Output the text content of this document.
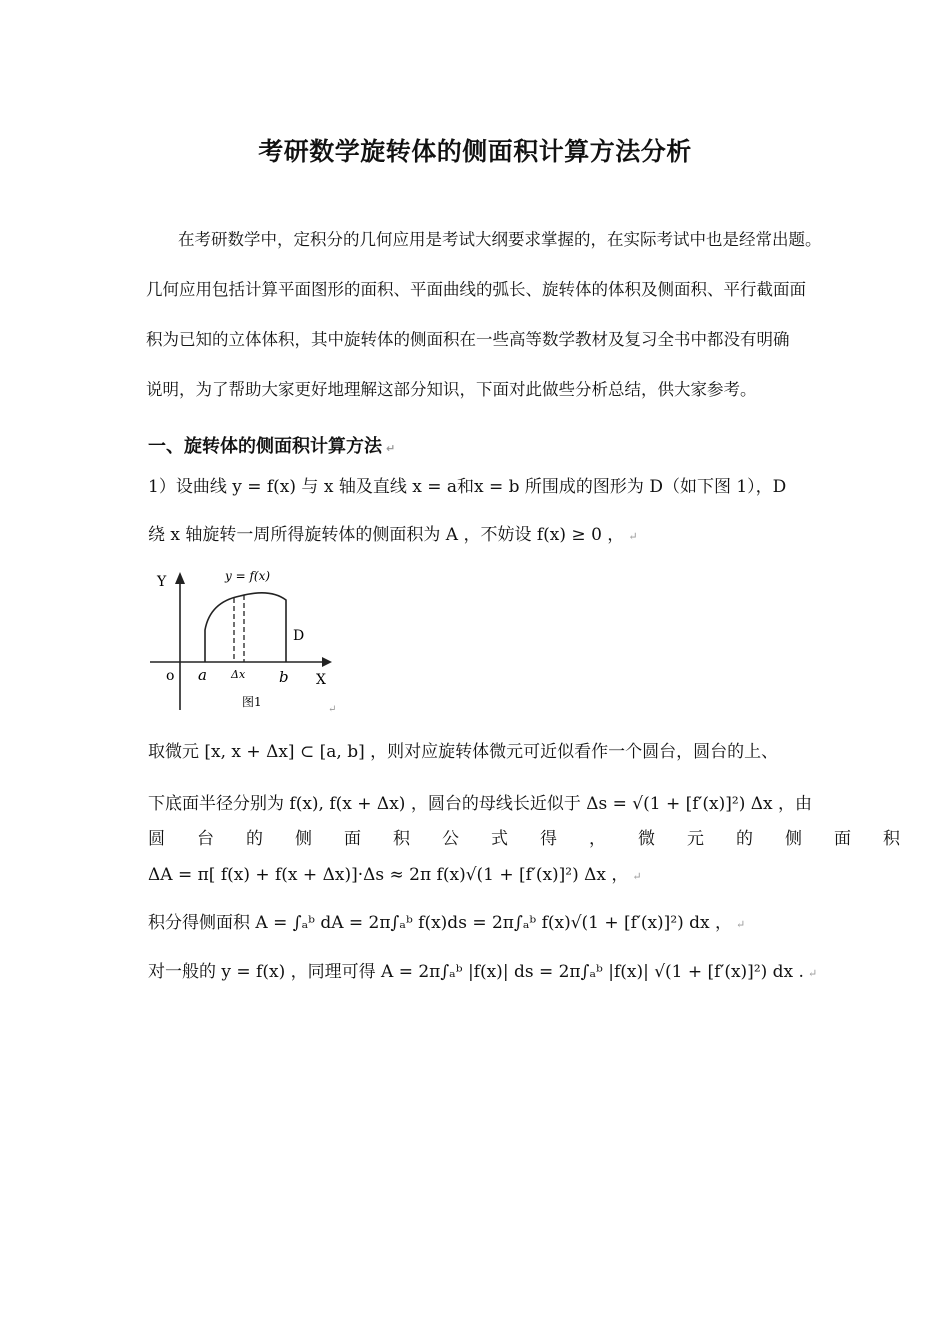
考研数学旋转体的侧面积计算方法分析
在考研数学中，定积分的几何应用是考试大纲要求掌握的，在实际考试中也是经常出题。
几何应用包括计算平面图形的面积、平面曲线的弧长、旋转体的体积及侧面积、平行截面面
积为已知的立体体积，其中旋转体的侧面积在一些高等数学教材及复习全书中都没有明确
说明，为了帮助大家更好地理解这部分知识，下面对此做些分析总结，供大家参考。
一、旋转体的侧面积计算方法 ↵
1）设曲线 y = f(x) 与 x 轴及直线 x = a和x = b 所围成的图形为 D（如下图 1），D
绕 x 轴旋转一周所得旋转体的侧面积为 A ，不妨设 f(x) ≥ 0 ， ↵
Y
o a Δx b X
y = f(x)
D
图1
↵
取微元 [x, x + Δx] ⊂ [a, b] ，则对应旋转体微元可近似看作一个圆台，圆台的上、
下底面半径分别为 f(x), f(x + Δx) ，圆台的母线长近似于 Δs = √(1 + [f′(x)]²) Δx ，由
圆台的侧面积公式得，微元的侧面积
ΔA = π[ f(x) + f(x + Δx)]·Δs ≈ 2π f(x)√(1 + [f′(x)]²) Δx ， ↵
积分得侧面积 A = ∫ₐᵇ dA = 2π∫ₐᵇ f(x)ds = 2π∫ₐᵇ f(x)√(1 + [f′(x)]²) dx ， ↵
对一般的 y = f(x) ，同理可得 A = 2π∫ₐᵇ |f(x)| ds = 2π∫ₐᵇ |f(x)| √(1 + [f′(x)]²) dx . ↵
